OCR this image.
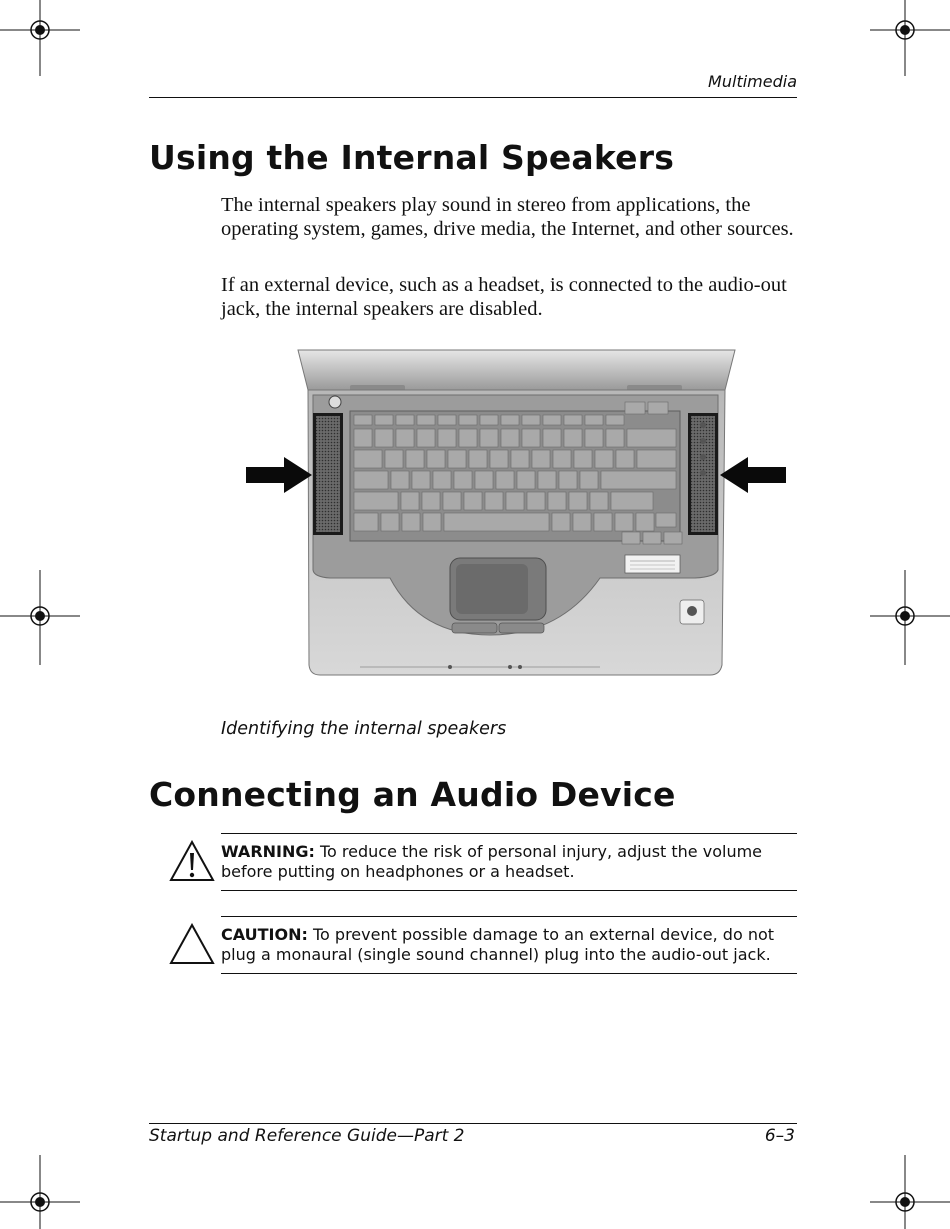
Multimedia
Using the Internal Speakers

The internal speakers play sound in stereo from applications, the operating system, games, drive media, the Internet, and other sources.

If an external device, such as a headset, is connected to the audio-out jack, the internal speakers are disabled.

Identifying the internal speakers
Connecting an Audio Device
WARNING: To reduce the risk of personal injury, adjust the volume before putting on headphones or a headset.
CAUTION: To prevent possible damage to an external device, do not plug a monaural (single sound channel) plug into the audio-out jack.
Startup and Reference Guide—Part 2	6–3
